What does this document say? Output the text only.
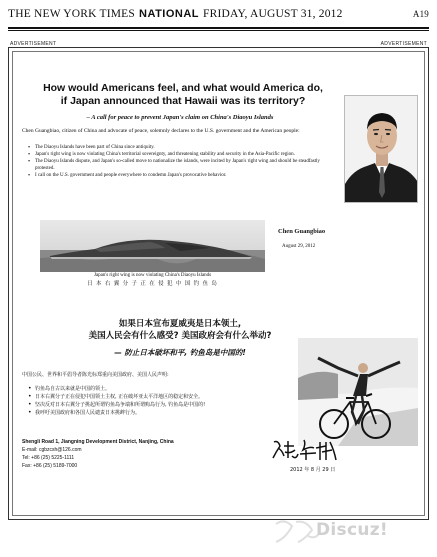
THE NEW YORK TIMES NATIONAL FRIDAY, AUGUST 31, 2012	A19
ADVERTISEMENT	ADVERTISEMENT
How would Americans feel, and what would America do,
if Japan announced that Hawaii was its territory?
– A call for peace to prevent Japan's claim on China's Diaoyu Islands
Chen Guangbiao, citizen of China and advocate of peace, solemnly declares to the U.S. government and the American people:
• The Diaoyu Islands have been part of China since antiquity.
• Japan's right wing is now violating China's territorial sovereignty, and threatening stability and security in the Asia-Pacific region.
• The Diaoyu Islands dispute, and Japan's so-called move to nationalize the islands, were incited by Japan's right wing and should be steadfastly protested.
• I call on the U.S. government and people everywhere to condemn Japan's provocative behavior.
Japan's right wing is now violating China's Diaoyu Islands
日 本 右 翼 分 子 正 在 侵 犯 中 国 钓 鱼 岛
Chen Guangbiao
August 29, 2012
如果日本宣布夏威夷是日本领土,
美国人民会有什么感受? 美国政府会有什么举动?
— 防止日本破坏和平, 钓鱼岛是中国的!
中国公民、世界和平倡导者陈光标郑重向美国政府、美国人民声明:
• 钓鱼岛自古以来就是中国的领土。
• 日本右翼分子正在侵犯中国领土主权, 正在破坏亚太平洋地区的稳定和安全。
• 坚决反对日本右翼分子挑起所谓钓鱼岛争端和所谓购岛行为, 钓鱼岛是中国的!
• 我呼吁美国政府和各国人民谴责日本挑衅行为。
Shengli Road 1, Jiangning Development District, Nanjing, China
E-mail: cgbzcsh@126.com
Tel: +86 (25) 5225-1111
Fax: +86 (25) 5189-7000
2012 年 8 月 29 日
Discuz!
